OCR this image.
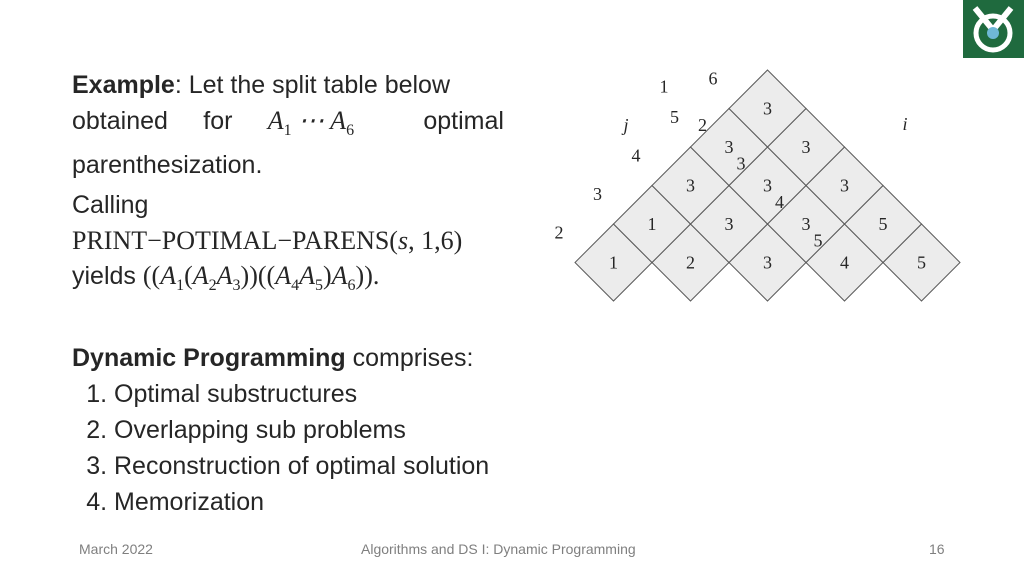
Example: Let the split table below
obtained for $A_1$ ⋯ $A_6$	optimal
parenthesization.
Calling
PRINT−POTIMAL−PARENS(s, 1,6)
yields $((A_1(A_2A_3))((A_4A_5)A_6))$.
Dynamic Programming comprises:
1. Optimal substructures
2. Overlapping sub problems
3. Reconstruction of optimal solution
4. Memorization
1	2	3	4	5
1	3	3	5
3	3	3
3	3
3
2
3
4
5
6
1
2
3
4
5
j	i
March 2022	Algorithms and DS I: Dynamic Programming	16
